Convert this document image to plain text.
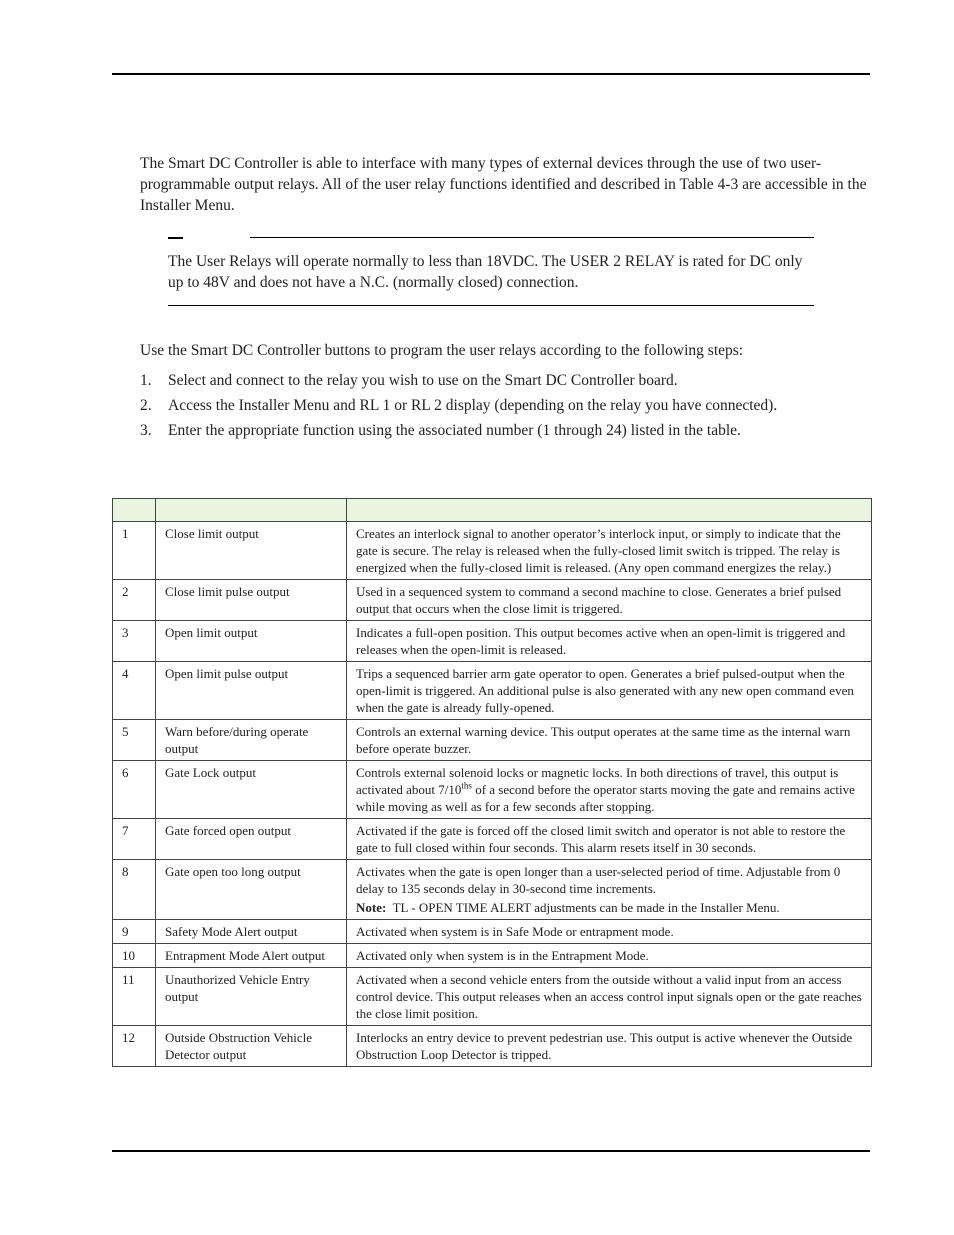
The Smart DC Controller is able to interface with many types of external devices through the use of two user-programmable output relays. All of the user relay functions identified and described in Table 4-3 are accessible in the Installer Menu.

The User Relays will operate normally to less than 18VDC. The USER 2 RELAY is rated for DC only up to 48V and does not have a N.C. (normally closed) connection.

Use the Smart DC Controller buttons to program the user relays according to the following steps:

1. Select and connect to the relay you wish to use on the Smart DC Controller board.
2. Access the Installer Menu and RL 1 or RL 2 display (depending on the relay you have connected).
3. Enter the appropriate function using the associated number (1 through 24) listed in the table.

1	Close limit output	Creates an interlock signal to another operator’s interlock input, or simply to indicate that the gate is secure. The relay is released when the fully-closed limit switch is tripped. The relay is energized when the fully-closed limit is released. (Any open command energizes the relay.)
2	Close limit pulse output	Used in a sequenced system to command a second machine to close. Generates a brief pulsed output that occurs when the close limit is triggered.
3	Open limit output	Indicates a full-open position. This output becomes active when an open-limit is triggered and releases when the open-limit is released.
4	Open limit pulse output	Trips a sequenced barrier arm gate operator to open. Generates a brief pulsed-output when the open-limit is triggered. An additional pulse is also generated with any new open command even when the gate is already fully-opened.
5	Warn before/during operate output	Controls an external warning device. This output operates at the same time as the internal warn before operate buzzer.
6	Gate Lock output	Controls external solenoid locks or magnetic locks. In both directions of travel, this output is activated about $7/10^{ths}$ of a second before the operator starts moving the gate and remains active while moving as well as for a few seconds after stopping.
7	Gate forced open output	Activated if the gate is forced off the closed limit switch and operator is not able to restore the gate to full closed within four seconds. This alarm resets itself in 30 seconds.
8	Gate open too long output	Activates when the gate is open longer than a user-selected period of time. Adjustable from 0 delay to 135 seconds delay in 30-second time increments.
Note: TL - OPEN TIME ALERT adjustments can be made in the Installer Menu.

9	Safety Mode Alert output	Activated when system is in Safe Mode or entrapment mode.
10	Entrapment Mode Alert output	Activated only when system is in the Entrapment Mode.
11	Unauthorized Vehicle Entry output	Activated when a second vehicle enters from the outside without a valid input from an access control device. This output releases when an access control input signals open or the gate reaches the close limit position.
12	Outside Obstruction Vehicle Detector output	Interlocks an entry device to prevent pedestrian use. This output is active whenever the Outside Obstruction Loop Detector is tripped.
